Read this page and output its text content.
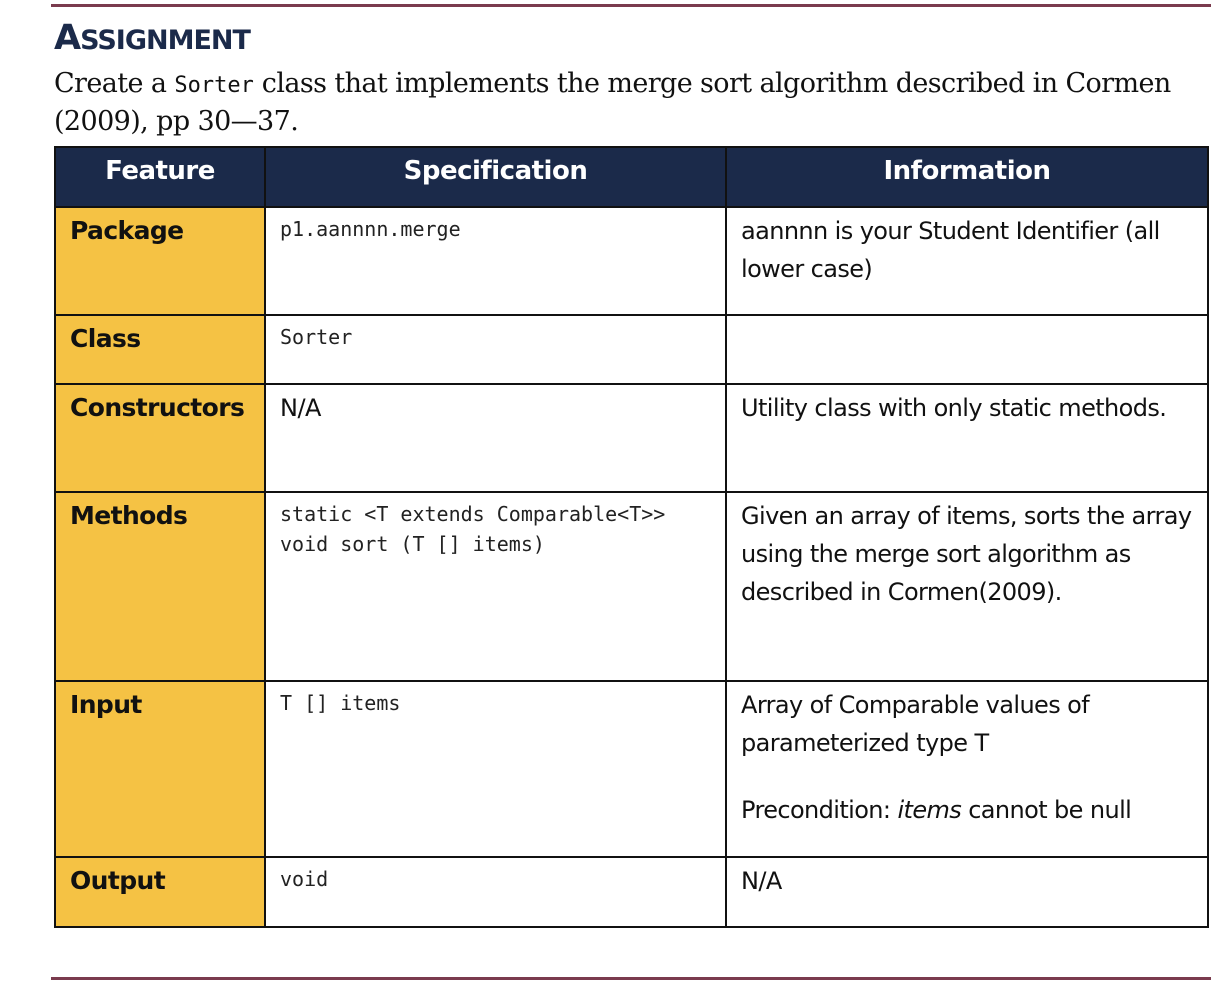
ASSIGNMENT

Create a Sorter class that implements the merge sort algorithm described in Cormen (2009), pp 30—37.

Feature	Specification	Information
Package	p1.aannnn.merge	aannnn is your Student Identifier (all lower case)

Class	Sorter	

Constructors	N/A	Utility class with only static methods.

Methods	static <T extends Comparable<T>> void sort (T [] items)	Given an array of items, sorts the array using the merge sort algorithm as described in Cormen(2009).

Input	T [] items	Array of Comparable values of parameterized type T

Precondition: items cannot be null

Output	void	N/A
